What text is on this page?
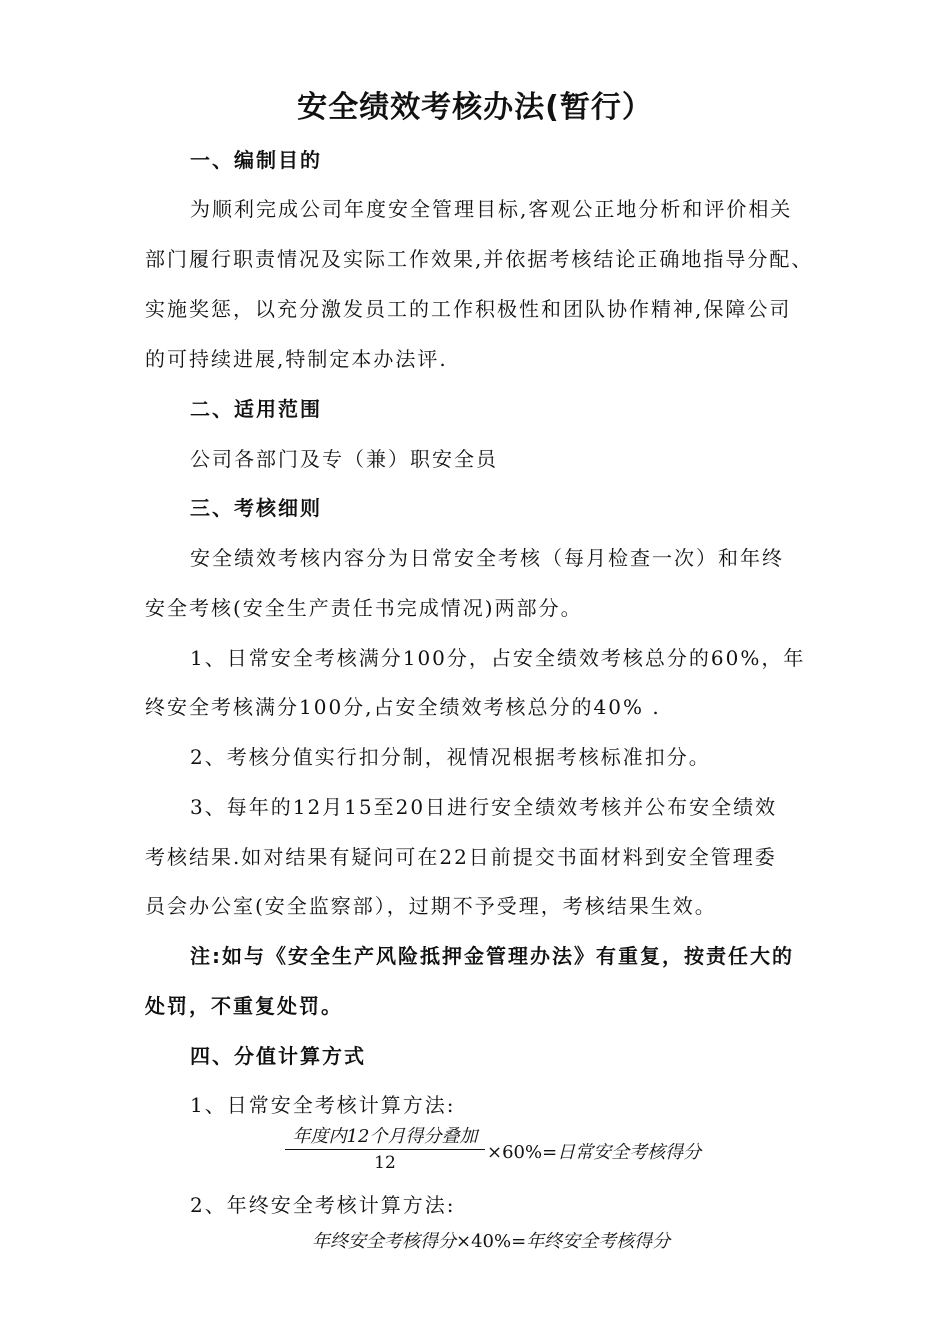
安全绩效考核办法(暂行）
一、编制目的
为顺利完成公司年度安全管理目标,客观公正地分析和评价相关
部门履行职责情况及实际工作效果,并依据考核结论正确地指导分配、
实施奖惩，以充分激发员工的工作积极性和团队协作精神,保障公司
的可持续进展,特制定本办法评.
二、适用范围
公司各部门及专（兼）职安全员
三、考核细则
安全绩效考核内容分为日常安全考核（每月检查一次）和年终
安全考核(安全生产责任书完成情况)两部分。
1、日常安全考核满分100分，占安全绩效考核总分的60%，年
终安全考核满分100分,占安全绩效考核总分的40% .
2、考核分值实行扣分制，视情况根据考核标准扣分。
3、每年的12月15至20日进行安全绩效考核并公布安全绩效
考核结果.如对结果有疑问可在22日前提交书面材料到安全管理委
员会办公室(安全监察部），过期不予受理，考核结果生效。
注:如与《安全生产风险抵押金管理办法》有重复，按责任大的
处罚，不重复处罚。
四、分值计算方式
1、日常安全考核计算方法:
年度内12个月得分叠加
12	×60%=日常安全考核得分
2、年终安全考核计算方法:
年终安全考核得分×40%=年终安全考核得分
